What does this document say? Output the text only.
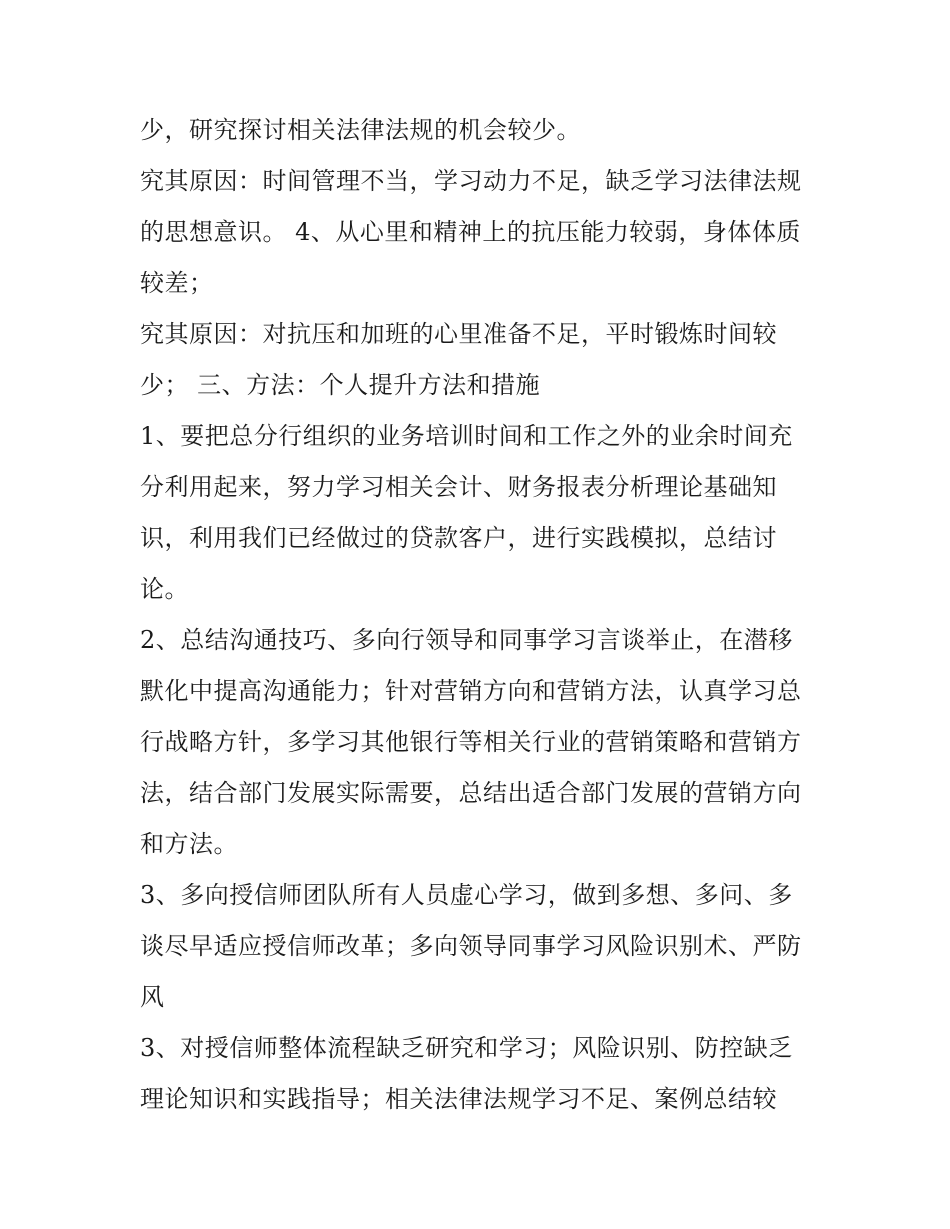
少，研究探讨相关法律法规的机会较少。
究其原因：时间管理不当，学习动力不足，缺乏学习法律法规
的思想意识。 4、从心里和精神上的抗压能力较弱，身体体质
较差；
究其原因：对抗压和加班的心里准备不足，平时锻炼时间较
少； 三、方法：个人提升方法和措施
1、要把总分行组织的业务培训时间和工作之外的业余时间充
分利用起来，努力学习相关会计、财务报表分析理论基础知
识，利用我们已经做过的贷款客户，进行实践模拟，总结讨
论。
2、总结沟通技巧、多向行领导和同事学习言谈举止，在潜移
默化中提高沟通能力；针对营销方向和营销方法，认真学习总
行战略方针，多学习其他银行等相关行业的营销策略和营销方
法，结合部门发展实际需要，总结出适合部门发展的营销方向
和方法。
3、多向授信师团队所有人员虚心学习，做到多想、多问、多
谈尽早适应授信师改革；多向领导同事学习风险识别术、严防
风
3、对授信师整体流程缺乏研究和学习；风险识别、防控缺乏
理论知识和实践指导；相关法律法规学习不足、案例总结较
